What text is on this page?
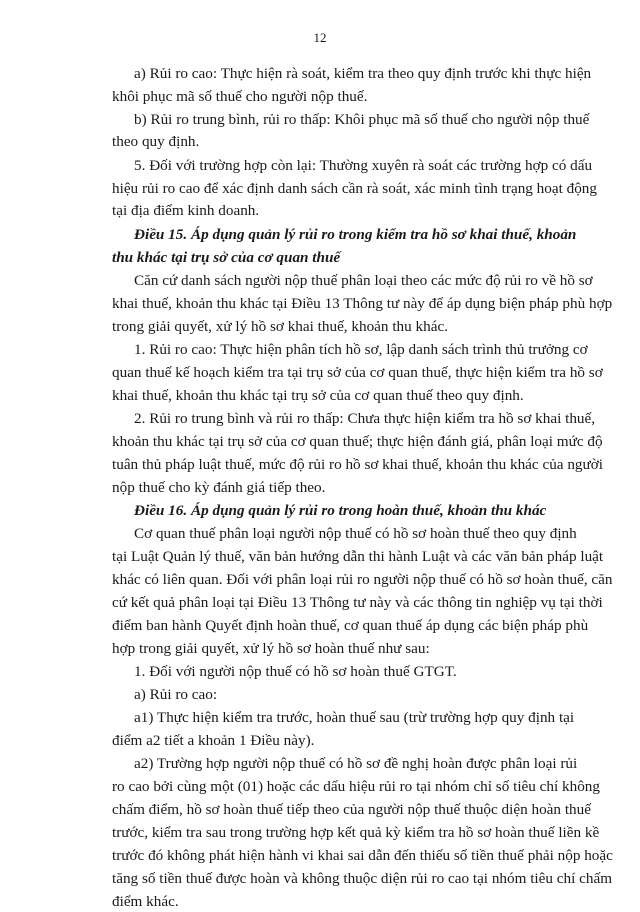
12
a) Rủi ro cao: Thực hiện rà soát, kiểm tra theo quy định trước khi thực hiện
khôi phục mã số thuế cho người nộp thuế.
b) Rủi ro trung bình, rủi ro thấp: Khôi phục mã số thuế cho người nộp thuế
theo quy định.
5. Đối với trường hợp còn lại: Thường xuyên rà soát các trường hợp có dấu
hiệu rủi ro cao để xác định danh sách cần rà soát, xác minh tình trạng hoạt động
tại địa điểm kinh doanh.
Điều 15. Áp dụng quản lý rủi ro trong kiểm tra hồ sơ khai thuế, khoản
thu khác tại trụ sở của cơ quan thuế
Căn cứ danh sách người nộp thuế phân loại theo các mức độ rủi ro về hồ sơ
khai thuế, khoản thu khác tại Điều 13 Thông tư này để áp dụng biện pháp phù hợp
trong giải quyết, xử lý hồ sơ khai thuế, khoản thu khác.
1. Rủi ro cao: Thực hiện phân tích hồ sơ, lập danh sách trình thủ trưởng cơ
quan thuế kế hoạch kiểm tra tại trụ sở của cơ quan thuế, thực hiện kiểm tra hồ sơ
khai thuế, khoản thu khác tại trụ sở của cơ quan thuế theo quy định.
2. Rủi ro trung bình và rủi ro thấp: Chưa thực hiện kiểm tra hồ sơ khai thuế,
khoản thu khác tại trụ sở của cơ quan thuế; thực hiện đánh giá, phân loại mức độ
tuân thủ pháp luật thuế, mức độ rủi ro hồ sơ khai thuế, khoản thu khác của người
nộp thuế cho kỳ đánh giá tiếp theo.
Điều 16. Áp dụng quản lý rủi ro trong hoàn thuế, khoản thu khác
Cơ quan thuế phân loại người nộp thuế có hồ sơ hoàn thuế theo quy định
tại Luật Quản lý thuế, văn bản hướng dẫn thi hành Luật và các văn bản pháp luật
khác có liên quan. Đối với phân loại rủi ro người nộp thuế có hồ sơ hoàn thuế, căn
cứ kết quả phân loại tại Điều 13 Thông tư này và các thông tin nghiệp vụ tại thời
điểm ban hành Quyết định hoàn thuế, cơ quan thuế áp dụng các biện pháp phù
hợp trong giải quyết, xử lý hồ sơ hoàn thuế như sau:
1. Đối với người nộp thuế có hồ sơ hoàn thuế GTGT.
a) Rủi ro cao:
a1) Thực hiện kiểm tra trước, hoàn thuế sau (trừ trường hợp quy định tại
điểm a2 tiết a khoản 1 Điều này).
a2) Trường hợp người nộp thuế có hồ sơ đề nghị hoàn được phân loại rủi
ro cao bởi cùng một (01) hoặc các dấu hiệu rủi ro tại nhóm chỉ số tiêu chí không
chấm điểm, hồ sơ hoàn thuế tiếp theo của người nộp thuế thuộc diện hoàn thuế
trước, kiểm tra sau trong trường hợp kết quả kỳ kiểm tra hồ sơ hoàn thuế liền kề
trước đó không phát hiện hành vi khai sai dẫn đến thiếu số tiền thuế phải nộp hoặc
tăng số tiền thuế được hoàn và không thuộc diện rủi ro cao tại nhóm tiêu chí chấm
điểm khác.
